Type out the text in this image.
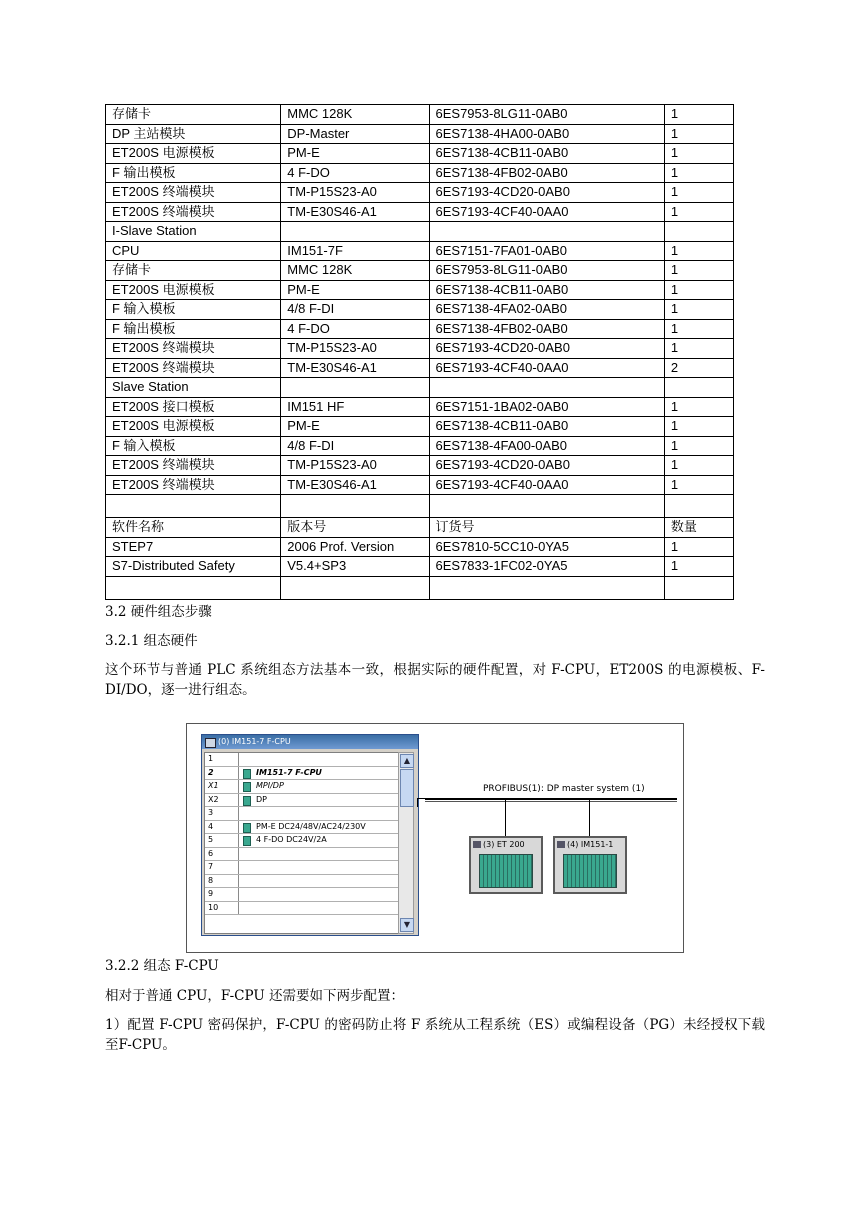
存储卡	MMC 128K	6ES7953-8LG11-0AB0	1
DP 主站模块	DP-Master	6ES7138-4HA00-0AB0	1
ET200S 电源模板	PM-E	6ES7138-4CB11-0AB0	1
F 输出模板	4 F-DO	6ES7138-4FB02-0AB0	1
ET200S 终端模块	TM-P15S23-A0	6ES7193-4CD20-0AB0	1
ET200S 终端模块	TM-E30S46-A1	6ES7193-4CF40-0AA0	1
I-Slave Station			
CPU	IM151-7F	6ES7151-7FA01-0AB0	1
存储卡	MMC 128K	6ES7953-8LG11-0AB0	1
ET200S 电源模板	PM-E	6ES7138-4CB11-0AB0	1
F 输入模板	4/8 F-DI	6ES7138-4FA02-0AB0	1
F 输出模板	4 F-DO	6ES7138-4FB02-0AB0	1
ET200S 终端模块	TM-P15S23-A0	6ES7193-4CD20-0AB0	1
ET200S 终端模块	TM-E30S46-A1	6ES7193-4CF40-0AA0	2
Slave Station			
ET200S 接口模板	IM151 HF	6ES7151-1BA02-0AB0	1
ET200S 电源模板	PM-E	6ES7138-4CB11-0AB0	1
F 输入模板	4/8 F-DI	6ES7138-4FA00-0AB0	1
ET200S 终端模块	TM-P15S23-A0	6ES7193-4CD20-0AB0	1
ET200S 终端模块	TM-E30S46-A1	6ES7193-4CF40-0AA0	1

软件名称	版本号	订货号	数量
STEP7	2006 Prof. Version	6ES7810-5CC10-0YA5	1
S7-Distributed Safety	V5.4+SP3	6ES7833-1FC02-0YA5	1

3.2 硬件组态步骤
3.2.1 组态硬件
这个环节与普通 PLC 系统组态方法基本一致，根据实际的硬件配置，对 F-CPU，ET200S 的电源模板、F-DI/DO，逐一进行组态。
(0) IM151-7 F-CPU
1
2	IM151-7 F-CPU
X1	MPI/DP
X2	DP
3
4	PM-E DC24/48V/AC24/230V
5	4 F-DO DC24V/2A
6
7
8
9
10
▲
▼
PROFIBUS(1): DP master system (1)
(3) ET 200	(4) IM151-1
3.2.2 组态 F-CPU
相对于普通 CPU，F-CPU 还需要如下两步配置：
1）配置 F-CPU 密码保护，F-CPU 的密码防止将 F 系统从工程系统（ES）或编程设备（PG）未经授权下载至F-CPU。
